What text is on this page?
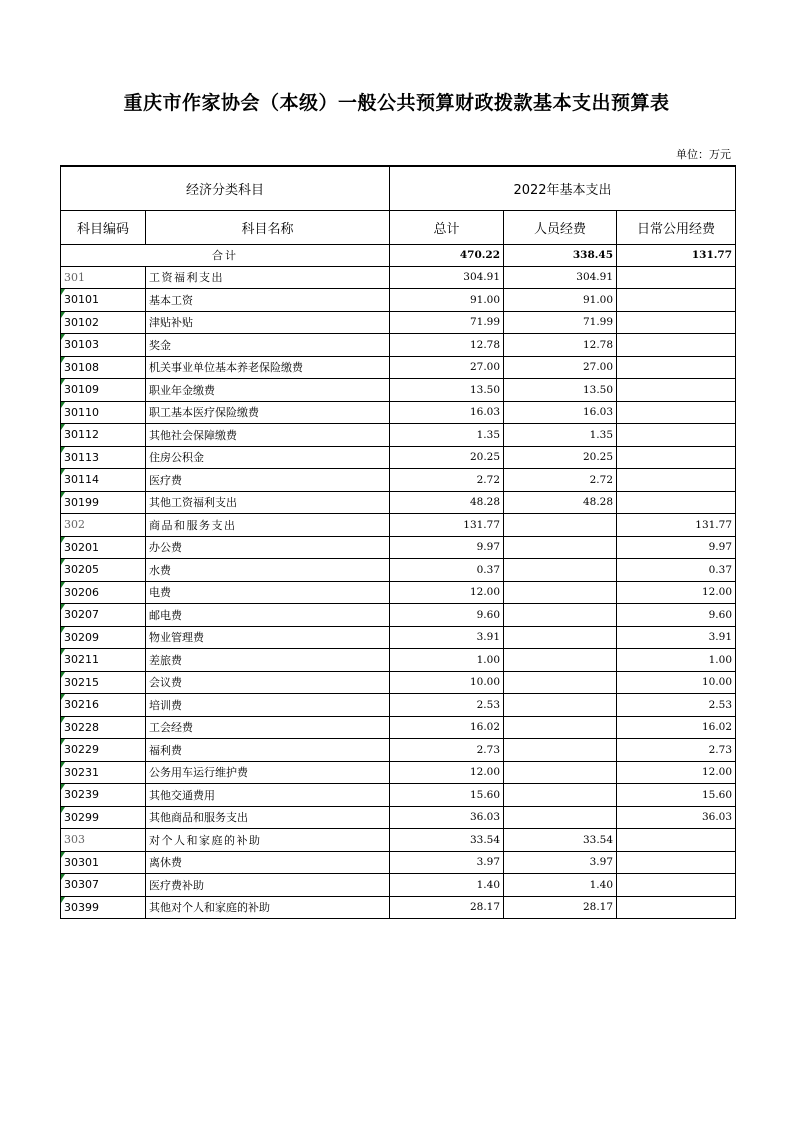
重庆市作家协会（本级）一般公共预算财政拨款基本支出预算表
单位：万元
经济分类科目		2022年基本支出		
科目编码	科目名称	总计	人员经费	日常公用经费
合计		470.22	338.45	131.77
301	工资福利支出	304.91	304.91	
30101	基本工资	91.00	91.00	
30102	津贴补贴	71.99	71.99	
30103	奖金	12.78	12.78	
30108	机关事业单位基本养老保险缴费	27.00	27.00	
30109	职业年金缴费	13.50	13.50	
30110	职工基本医疗保险缴费	16.03	16.03	
30112	其他社会保障缴费	1.35	1.35	
30113	住房公积金	20.25	20.25	
30114	医疗费	2.72	2.72	
30199	其他工资福利支出	48.28	48.28	
302	商品和服务支出	131.77		131.77
30201	办公费	9.97		9.97
30205	水费	0.37		0.37
30206	电费	12.00		12.00
30207	邮电费	9.60		9.60
30209	物业管理费	3.91		3.91
30211	差旅费	1.00		1.00
30215	会议费	10.00		10.00
30216	培训费	2.53		2.53
30228	工会经费	16.02		16.02
30229	福利费	2.73		2.73
30231	公务用车运行维护费	12.00		12.00
30239	其他交通费用	15.60		15.60
30299	其他商品和服务支出	36.03		36.03
303	对个人和家庭的补助	33.54	33.54	
30301	离休费	3.97	3.97	
30307	医疗费补助	1.40	1.40	
30399	其他对个人和家庭的补助	28.17	28.17	
